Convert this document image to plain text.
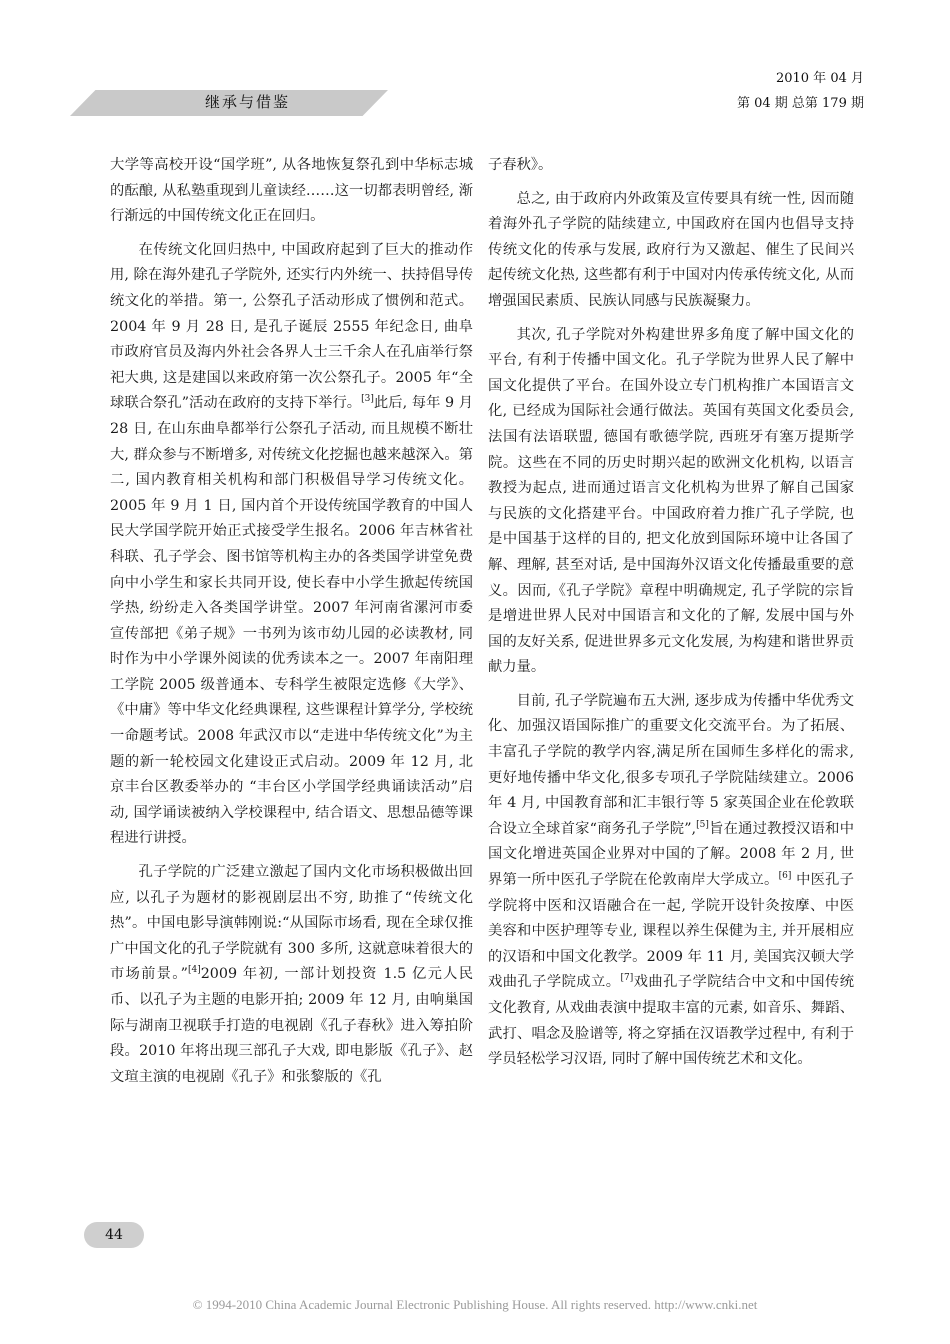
继承与借鉴
2010 年 04 月
第 04 期 总第 179 期

大学等高校开设“国学班”, 从各地恢复祭孔到中华标志城的酝酿, 从私塾重现到儿童读经……这一切都表明曾经, 渐行渐远的中国传统文化正在回归。

在传统文化回归热中, 中国政府起到了巨大的推动作用, 除在海外建孔子学院外, 还实行内外统一、扶持倡导传统文化的举措。第一, 公祭孔子活动形成了惯例和范式。2004 年 9 月 28 日, 是孔子诞辰 2555 年纪念日, 曲阜市政府官员及海内外社会各界人士三千余人在孔庙举行祭祀大典, 这是建国以来政府第一次公祭孔子。2005 年“全球联合祭孔”活动在政府的支持下举行。[3]此后, 每年 9 月 28 日, 在山东曲阜都举行公祭孔子活动, 而且规模不断壮大, 群众参与不断增多, 对传统文化挖掘也越来越深入。第二, 国内教育相关机构和部门积极倡导学习传统文化。2005 年 9 月 1 日, 国内首个开设传统国学教育的中国人民大学国学院开始正式接受学生报名。2006 年吉林省社科联、孔子学会、图书馆等机构主办的各类国学讲堂免费向中小学生和家长共同开设, 使长春中小学生掀起传统国学热, 纷纷走入各类国学讲堂。2007 年河南省漯河市委宣传部把《弟子规》一书列为该市幼儿园的必读教材, 同时作为中小学课外阅读的优秀读本之一。2007 年南阳理工学院 2005 级普通本、专科学生被限定选修《大学》、《中庸》等中华文化经典课程, 这些课程计算学分, 学校统一命题考试。2008 年武汉市以“走进中华传统文化”为主题的新一轮校园文化建设正式启动。2009 年 12 月, 北京丰台区教委举办的 “丰台区小学国学经典诵读活动”启动, 国学诵读被纳入学校课程中, 结合语文、思想品德等课程进行讲授。

孔子学院的广泛建立激起了国内文化市场积极做出回应, 以孔子为题材的影视剧层出不穷, 助推了“传统文化热”。中国电影导演韩刚说:“从国际市场看, 现在全球仅推广中国文化的孔子学院就有 300 多所, 这就意味着很大的市场前景。”[4]2009 年初, 一部计划投资 1.5 亿元人民币、以孔子为主题的电影开拍; 2009 年 12 月, 由响巢国际与湖南卫视联手打造的电视剧《孔子春秋》进入筹拍阶段。2010 年将出现三部孔子大戏, 即电影版《孔子》、赵文瑄主演的电视剧《孔子》和张黎版的《孔

子春秋》。

总之, 由于政府内外政策及宣传要具有统一性, 因而随着海外孔子学院的陆续建立, 中国政府在国内也倡导支持传统文化的传承与发展, 政府行为又激起、催生了民间兴起传统文化热, 这些都有利于中国对内传承传统文化, 从而增强国民素质、民族认同感与民族凝聚力。

其次, 孔子学院对外构建世界多角度了解中国文化的平台, 有利于传播中国文化。孔子学院为世界人民了解中国文化提供了平台。在国外设立专门机构推广本国语言文化, 已经成为国际社会通行做法。英国有英国文化委员会, 法国有法语联盟, 德国有歌德学院, 西班牙有塞万提斯学院。这些在不同的历史时期兴起的欧洲文化机构, 以语言教授为起点, 进而通过语言文化机构为世界了解自己国家与民族的文化搭建平台。中国政府着力推广孔子学院, 也是中国基于这样的目的, 把文化放到国际环境中让各国了解、理解, 甚至对话, 是中国海外汉语文化传播最重要的意义。因而,《孔子学院》章程中明确规定, 孔子学院的宗旨是增进世界人民对中国语言和文化的了解, 发展中国与外国的友好关系, 促进世界多元文化发展, 为构建和谐世界贡献力量。

目前, 孔子学院遍布五大洲, 逐步成为传播中华优秀文化、加强汉语国际推广的重要文化交流平台。为了拓展、丰富孔子学院的教学内容,满足所在国师生多样化的需求, 更好地传播中华文化,很多专项孔子学院陆续建立。2006 年 4 月, 中国教育部和汇丰银行等 5 家英国企业在伦敦联合设立全球首家“商务孔子学院”,[5]旨在通过教授汉语和中国文化增进英国企业界对中国的了解。2008 年 2 月, 世界第一所中医孔子学院在伦敦南岸大学成立。[6] 中医孔子学院将中医和汉语融合在一起, 学院开设针灸按摩、中医美容和中医护理等专业, 课程以养生保健为主, 并开展相应的汉语和中国文化教学。2009 年 11 月, 美国宾汉顿大学戏曲孔子学院成立。[7]戏曲孔子学院结合中文和中国传统文化教育, 从戏曲表演中提取丰富的元素, 如音乐、舞蹈、武打、唱念及脸谱等, 将之穿插在汉语教学过程中, 有利于学员轻松学习汉语, 同时了解中国传统艺术和文化。

44
© 1994-2010 China Academic Journal Electronic Publishing House. All rights reserved. http://www.cnki.net
